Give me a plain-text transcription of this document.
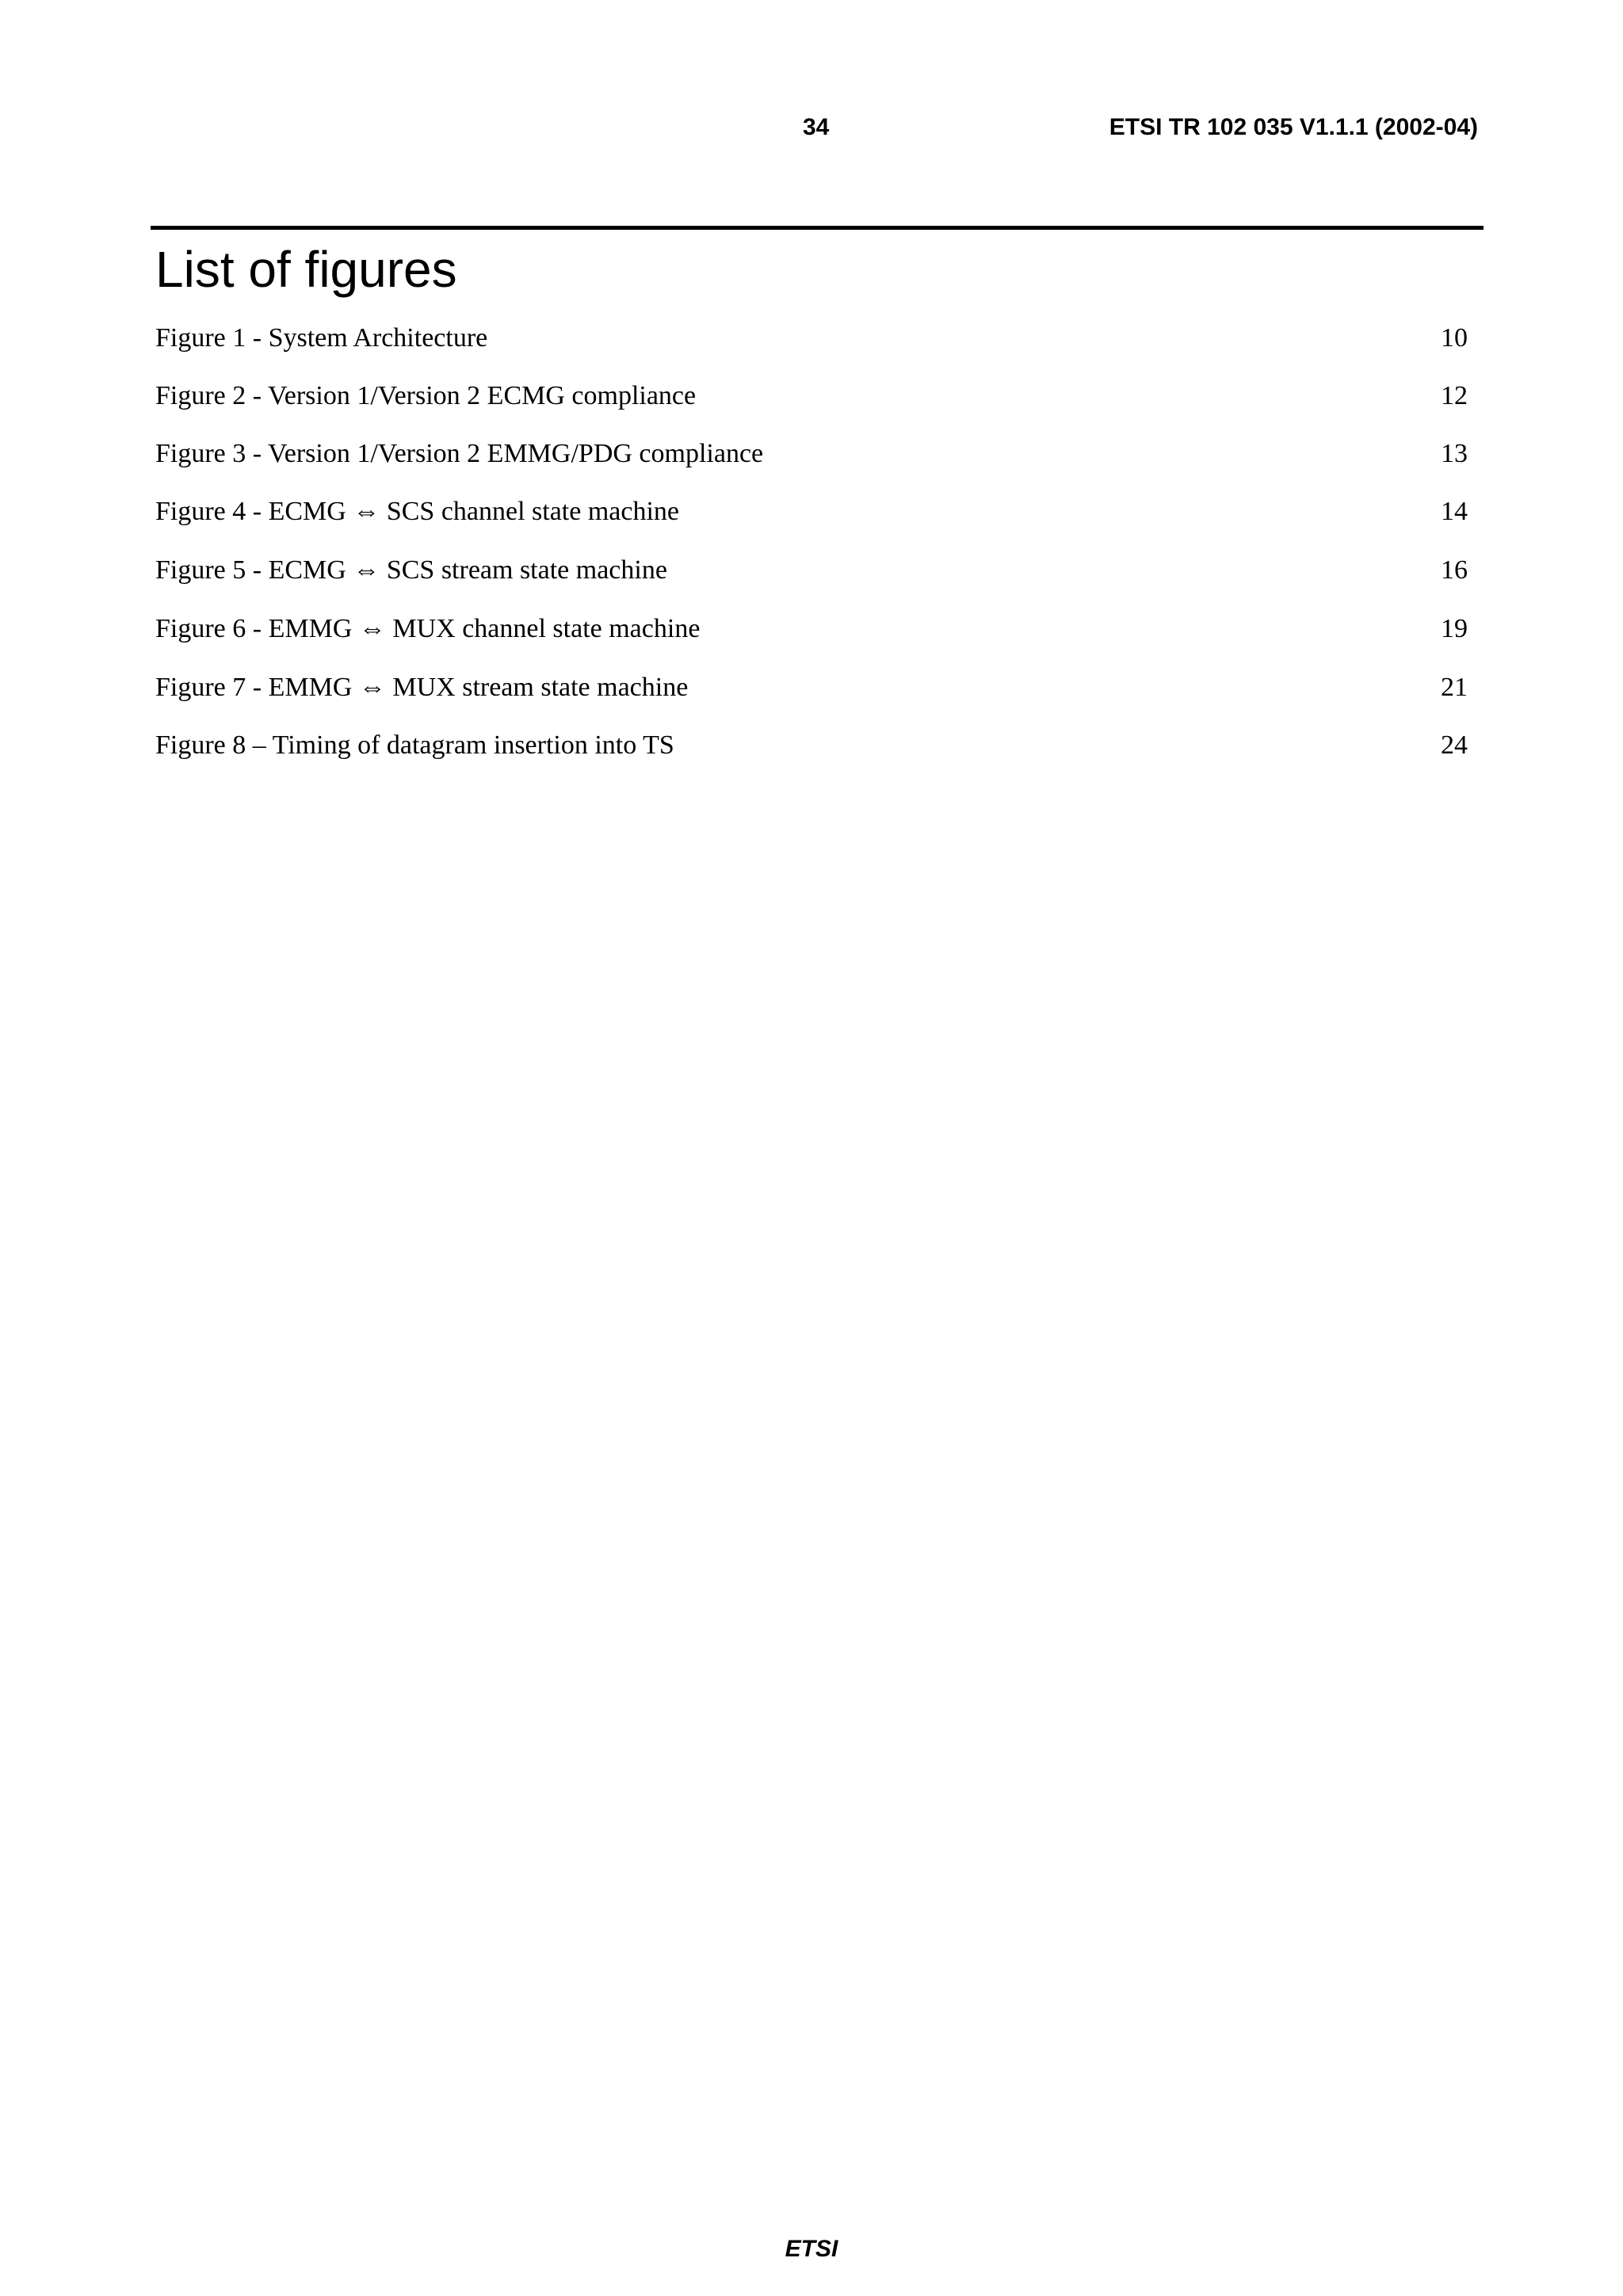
34	ETSI TR 102 035 V1.1.1 (2002-04)
List of figures
Figure 1 - System Architecture	10
Figure 2 - Version 1/Version 2 ECMG compliance	12
Figure 3 - Version 1/Version 2 EMMG/PDG compliance	13
Figure 4 - ECMG ⇔ SCS channel state machine	14
Figure 5 - ECMG ⇔ SCS stream state machine	16
Figure 6 - EMMG ⇔ MUX channel state machine	19
Figure 7 - EMMG ⇔ MUX stream state machine	21
Figure 8 – Timing of datagram insertion into TS	24
ETSI
